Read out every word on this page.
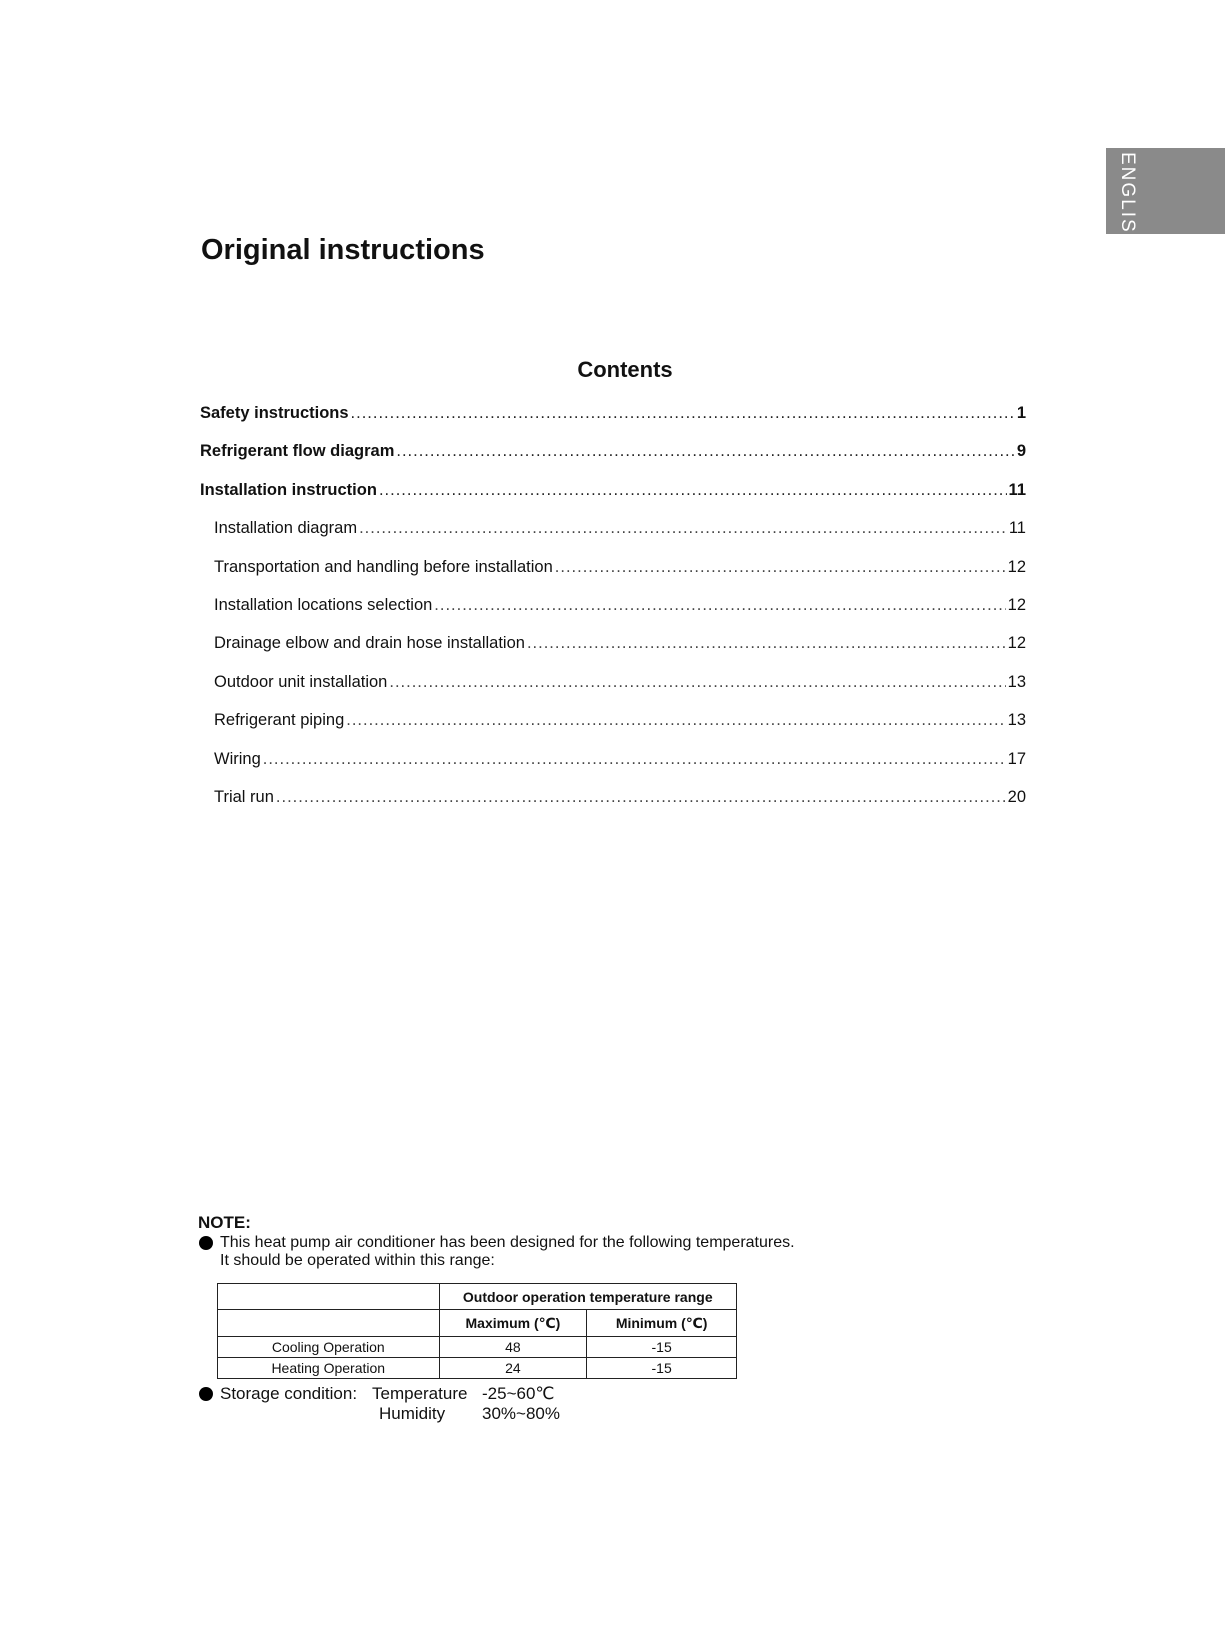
ENGLISH
Original instructions
Contents
Safety instructions .....	1
Refrigerant flow diagram .....	9
Installation instruction .....	11
Installation diagram .....	11
Transportation and handling before installation .....	12
Installation locations selection .....	12
Drainage elbow and drain hose installation .....	12
Outdoor unit installation .....	13
Refrigerant piping .....	13
Wiring .....	17
Trial run .....	20
NOTE:
This heat pump air conditioner has been designed for the following temperatures.
It should be operated within this range:
	Outdoor operation temperature range	
	Maximum (℃)	Minimum (℃)
Cooling Operation	48	-15
Heating Operation	24	-15
Storage condition: Temperature -25~60℃
Humidity 30%~80%
